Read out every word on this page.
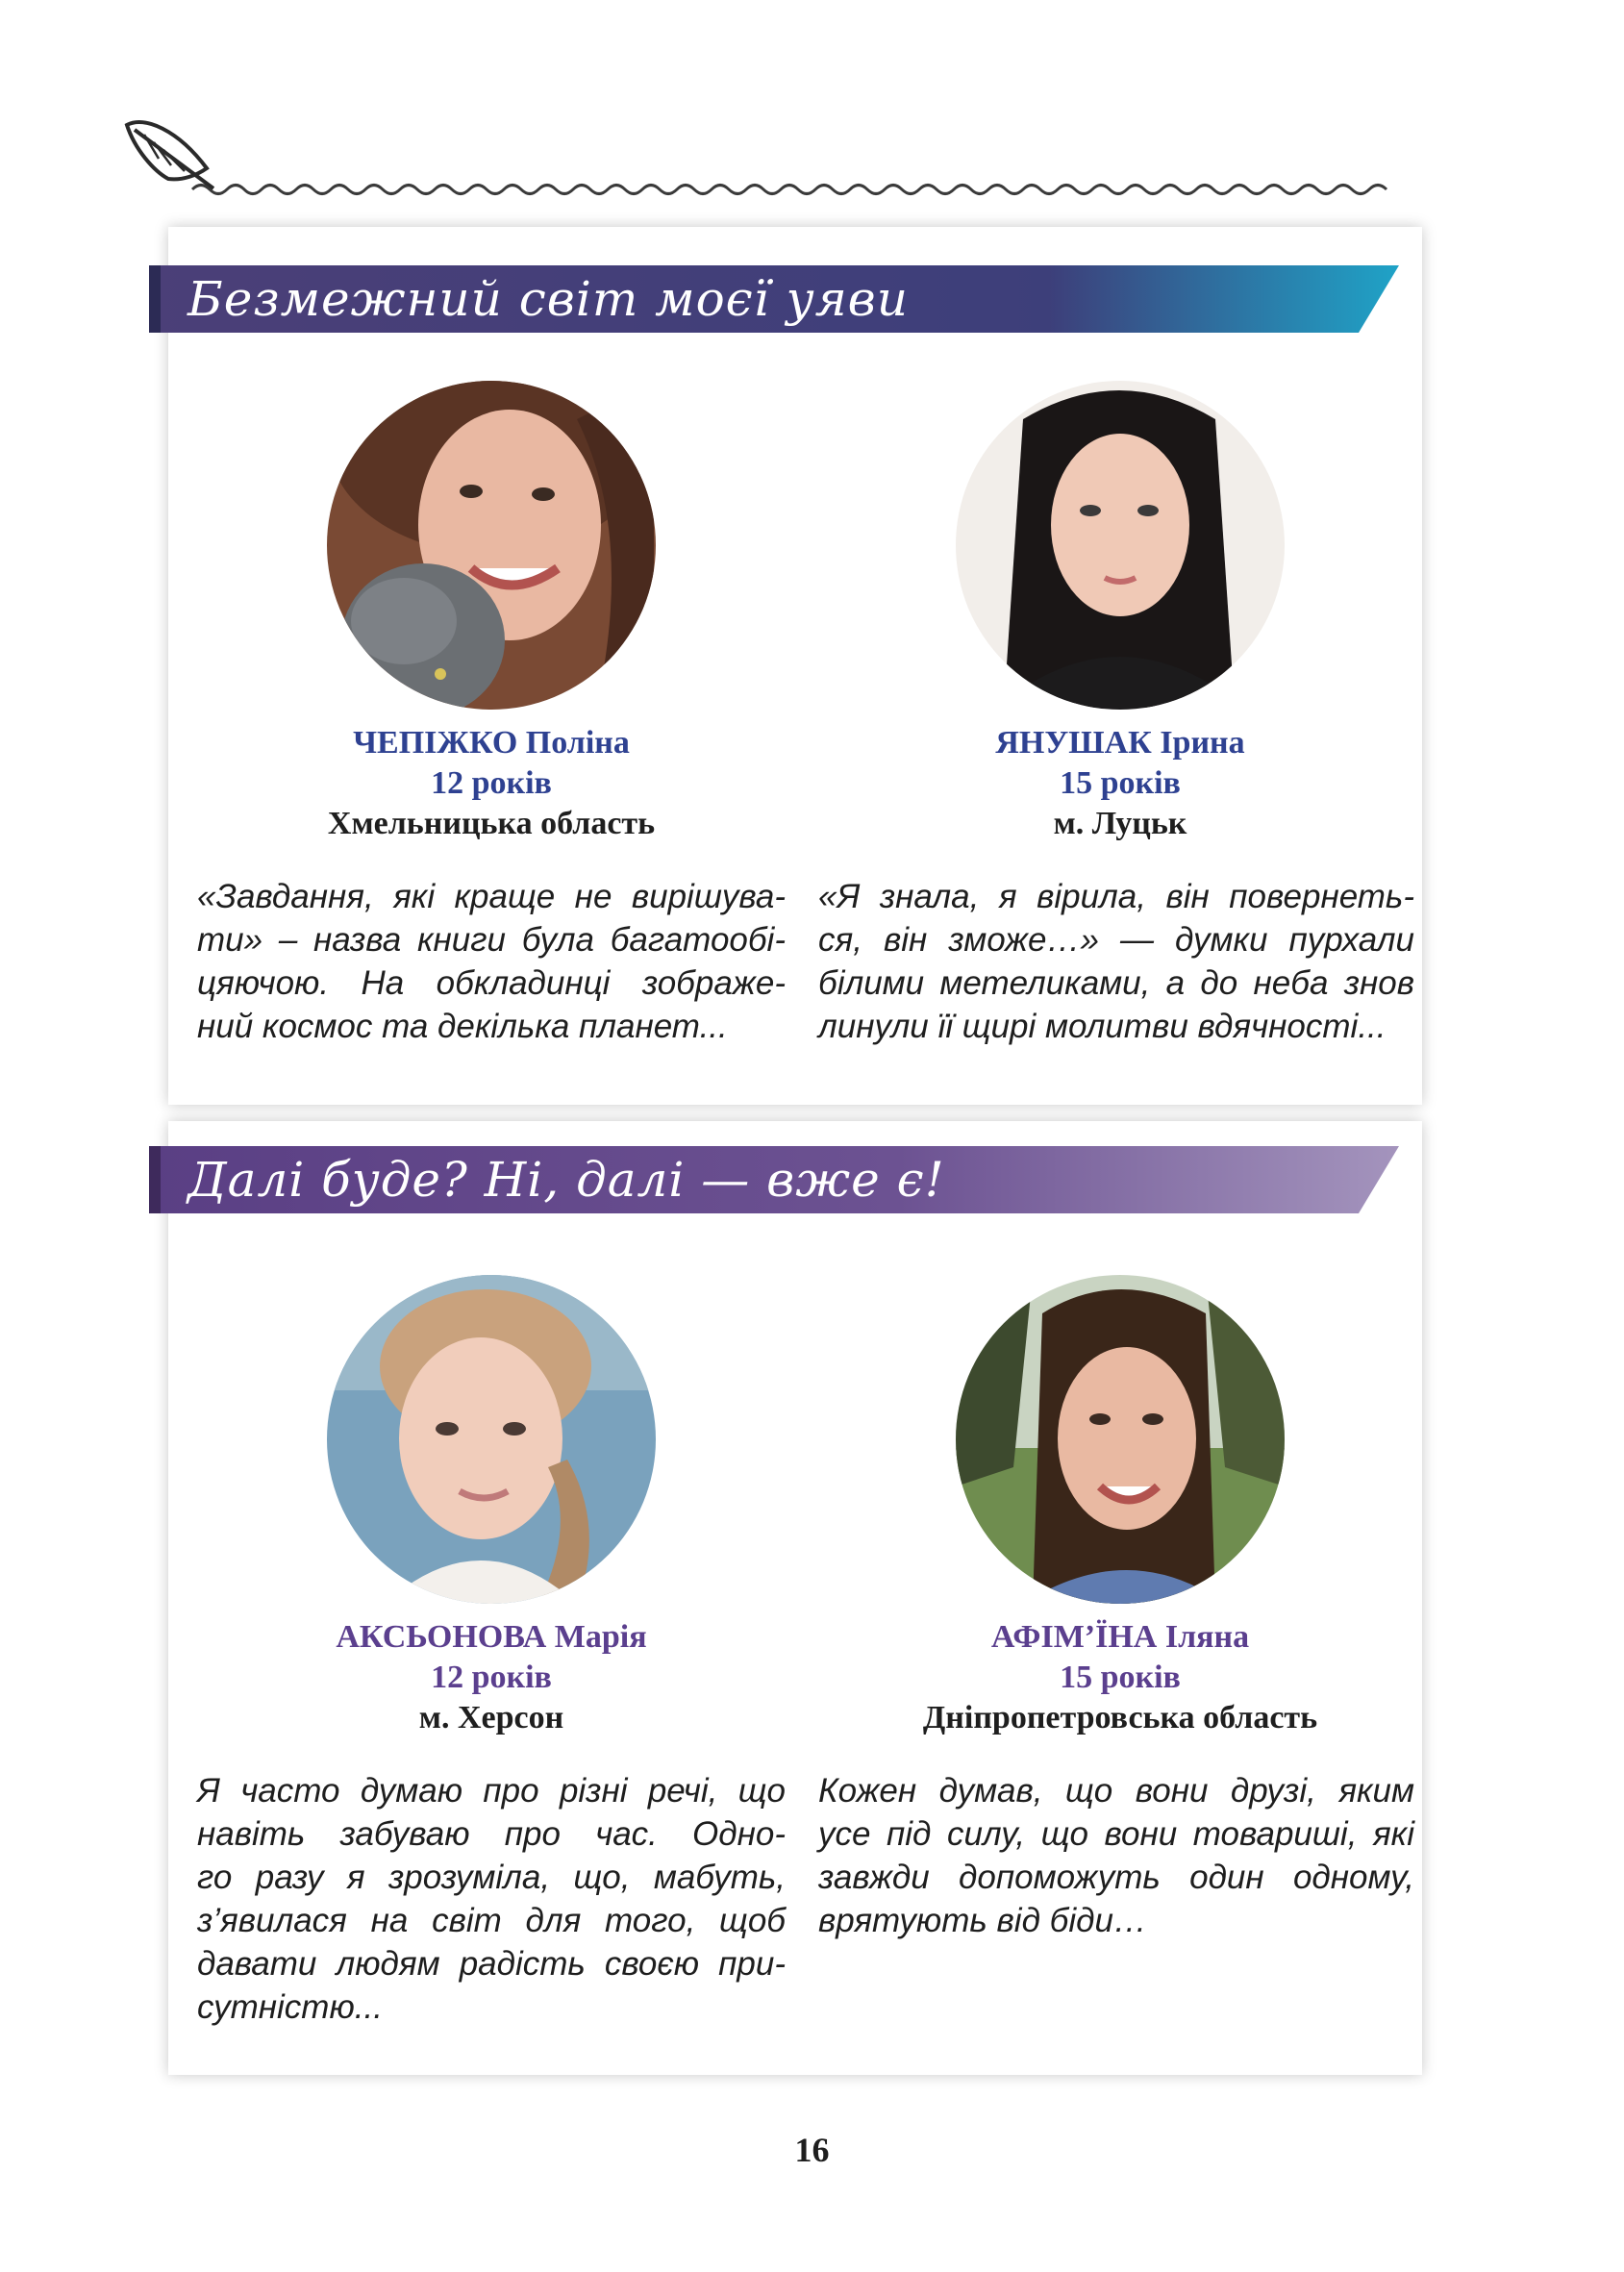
Безмежний світ моєї уяви
ЧЕПІЖКО Поліна
12 років
Хмельницька область
«Завдання, які краще не вирішува-
ти» – назва книги була багатообі-
цяючою. На обкладинці зображе-
ний космос та декілька планет...
ЯНУШАК Ірина
15 років
м. Луцьк
«Я знала, я вірила, він повернеть-
ся, він зможе…» — думки пурхали
білими метеликами, а до неба знов
линули її щирі молитви вдячності...
Далі буде? Ні, далі — вже є!
АКСЬОНОВА Марія
12 років
м. Херсон
Я часто думаю про різні речі, що
навіть забуваю про час. Одно-
го разу я зрозуміла, що, мабуть,
з’явилася на світ для того, щоб
давати людям радість своєю при-
сутністю...
АФІМ’ЇНА Іляна
15 років
Дніпропетровська область
Кожен думав, що вони друзі, яким
усе під силу, що вони товариші, які
завжди допоможуть один одному,
врятують від біди…
16
